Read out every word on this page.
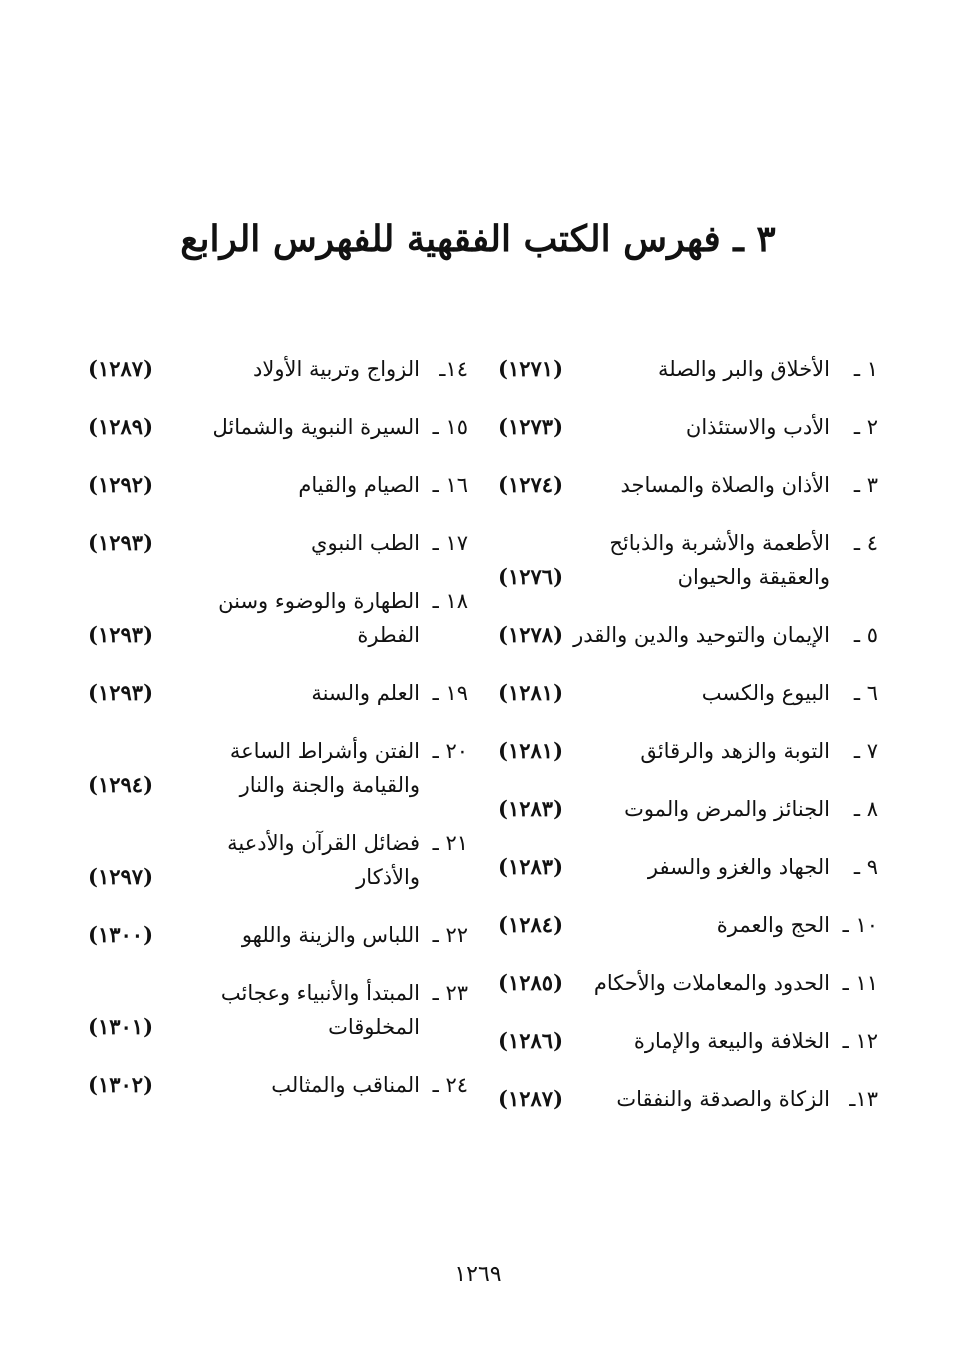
٣ ـ فهرس الكتب الفقهية للفهرس الرابع
١ ـ
الأخلاق والبر والصلة
(١٢٧١)
٢ ـ
الأدب والاستئذان
(١٢٧٣)
٣ ـ
الأذان والصلاة والمساجد
(١٢٧٤)
٤ ـ
الأطعمة والأشربة والذبائح
والعقيقة والحيوان
(١٢٧٦)
٥ ـ
الإيمان والتوحيد والدين والقدر
(١٢٧٨)
٦ ـ
البيوع والكسب
(١٢٨١)
٧ ـ
التوبة والزهد والرقائق
(١٢٨١)
٨ ـ
الجنائز والمرض والموت
(١٢٨٣)
٩ ـ
الجهاد والغزو والسفر
(١٢٨٣)
١٠ ـ
الحج والعمرة
(١٢٨٤)
١١ ـ
الحدود والمعاملات والأحكام
(١٢٨٥)
١٢ ـ
الخلافة والبيعة والإمارة
(١٢٨٦)
١٣ـ
الزكاة والصدقة والنفقات
(١٢٨٧)
١٤ـ
الزواج وتربية الأولاد
(١٢٨٧)
١٥ ـ
السيرة النبوية والشمائل
(١٢٨٩)
١٦ ـ
الصيام والقيام
(١٢٩٢)
١٧ ـ
الطب النبوي
(١٢٩٣)
١٨ ـ
الطهارة والوضوء وسنن
الفطرة
(١٢٩٣)
١٩ ـ
العلم والسنة
(١٢٩٣)
٢٠ ـ
الفتن وأشراط الساعة
والقيامة والجنة والنار
(١٢٩٤)
٢١ ـ
فضائل القرآن والأدعية
والأذكار
(١٢٩٧)
٢٢ ـ
اللباس والزينة واللهو
(١٣٠٠)
٢٣ ـ
المبتدأ والأنبياء وعجائب
المخلوقات
(١٣٠١)
٢٤ ـ
المناقب والمثالب
(١٣٠٢)
١٢٦٩
